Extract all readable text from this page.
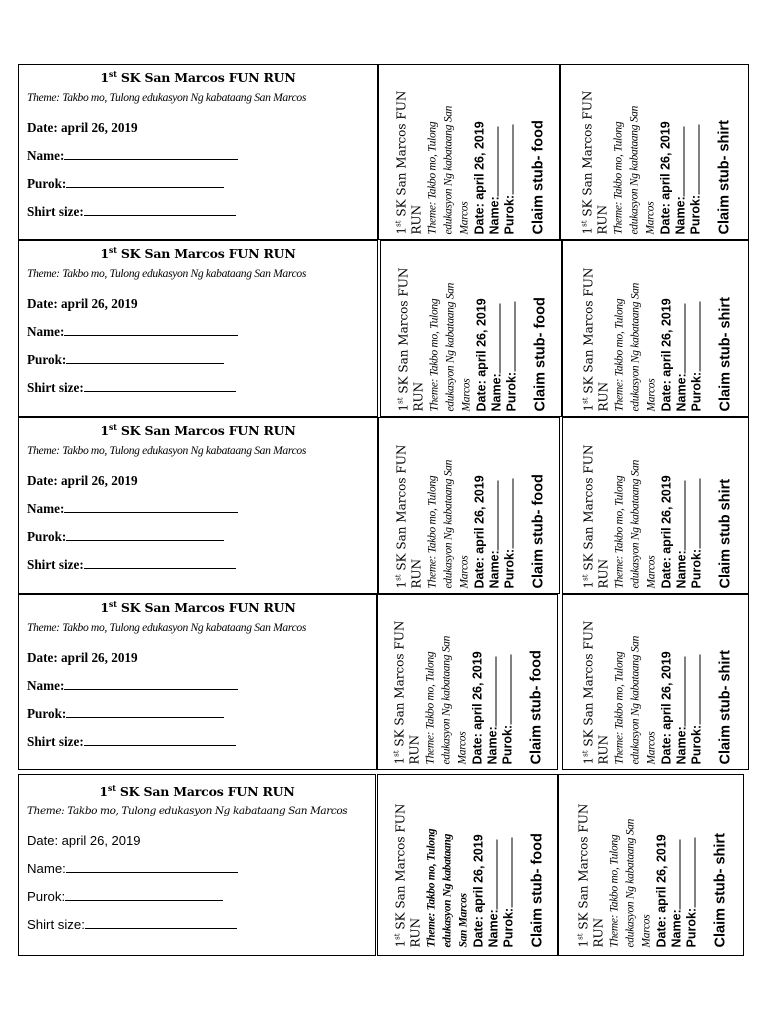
1st SK San Marcos FUN RUN
Theme: Takbo mo, Tulong edukasyon Ng kabataang San Marcos
Date: april 26, 2019
Name:
Purok:
Shirt size:
1st SK San Marcos FUN RUN Theme: Takbo mo, Tulong edukasyon Ng kabataang San Marcos Date: april 26, 2019 Name: Purok: Claim stub- food	1st SK San Marcos FUN RUN Theme: Takbo mo, Tulong edukasyon Ng kabataang San Marcos Date: april 26, 2019 Name: Purok: Claim stub- shirt
1st SK San Marcos FUN RUN
Theme: Takbo mo, Tulong edukasyon Ng kabataang San Marcos
Date: april 26, 2019
Name:
Purok:
Shirt size:
1st SK San Marcos FUN RUN Theme: Takbo mo, Tulong edukasyon Ng kabataang San Marcos Date: april 26, 2019 Name: Purok: Claim stub- food	1st SK San Marcos FUN RUN Theme: Takbo mo, Tulong edukasyon Ng kabataang San Marcos Date: april 26, 2019 Name: Purok: Claim stub- shirt
1st SK San Marcos FUN RUN
Theme: Takbo mo, Tulong edukasyon Ng kabataang San Marcos
Date: april 26, 2019
Name:
Purok:
Shirt size:
1st SK San Marcos FUN RUN Theme: Takbo mo, Tulong edukasyon Ng kabataang San Marcos Date: april 26, 2019 Name: Purok: Claim stub- food	1st SK San Marcos FUN RUN Theme: Takbo mo, Tulong edukasyon Ng kabataang San Marcos Date: april 26, 2019 Name: Purok: Claim stub shirt
1st SK San Marcos FUN RUN
Theme: Takbo mo, Tulong edukasyon Ng kabataang San Marcos
Date: april 26, 2019
Name:
Purok:
Shirt size:
1st SK San Marcos FUN RUN Theme: Takbo mo, Tulong edukasyon Ng kabataang San Marcos Date: april 26, 2019 Name: Purok: Claim stub- food	1st SK San Marcos FUN RUN Theme: Takbo mo, Tulong edukasyon Ng kabataang San Marcos Date: april 26, 2019 Name: Purok: Claim stub- shirt
1st SK San Marcos FUN RUN
Theme: Takbo mo, Tulong edukasyon Ng kabataang San Marcos
Date: april 26, 2019
Name:
Purok:
Shirt size:
1st SK San Marcos FUN RUN Theme: Takbo mo, Tulong edukasyon Ng kabataang San Marcos Date: april 26, 2019 Name: Purok: Claim stub- food	1st SK San Marcos FUN RUN Theme: Takbo mo, Tulong edukasyon Ng kabataang San Marcos Date: april 26, 2019 Name: Purok: Claim stub- shirt
